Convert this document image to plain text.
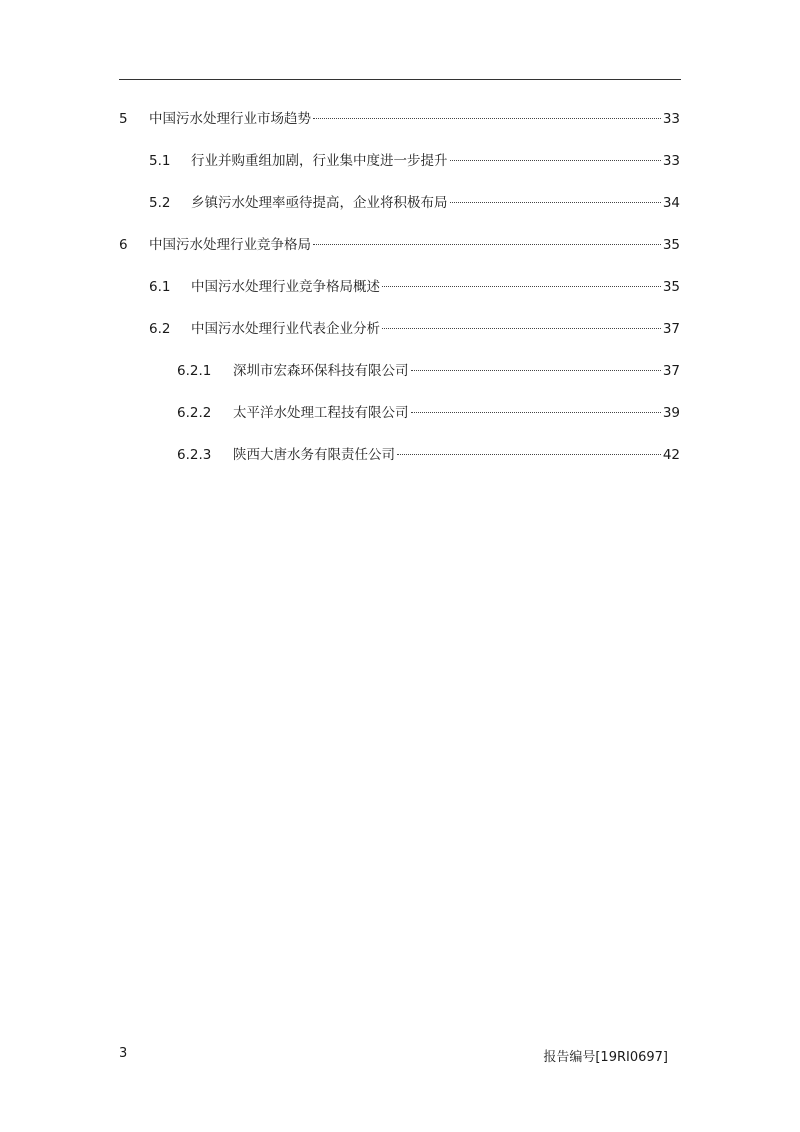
5	中国污水处理行业市场趋势	33
5.1	行业并购重组加剧，行业集中度进一步提升	33
5.2	乡镇污水处理率亟待提高，企业将积极布局	34
6	中国污水处理行业竞争格局	35
6.1	中国污水处理行业竞争格局概述	35
6.2	中国污水处理行业代表企业分析	37
6.2.1	深圳市宏森环保科技有限公司	37
6.2.2	太平洋水处理工程技有限公司	39
6.2.3	陕西大唐水务有限责任公司	42
3	报告编号[19RI0697]
